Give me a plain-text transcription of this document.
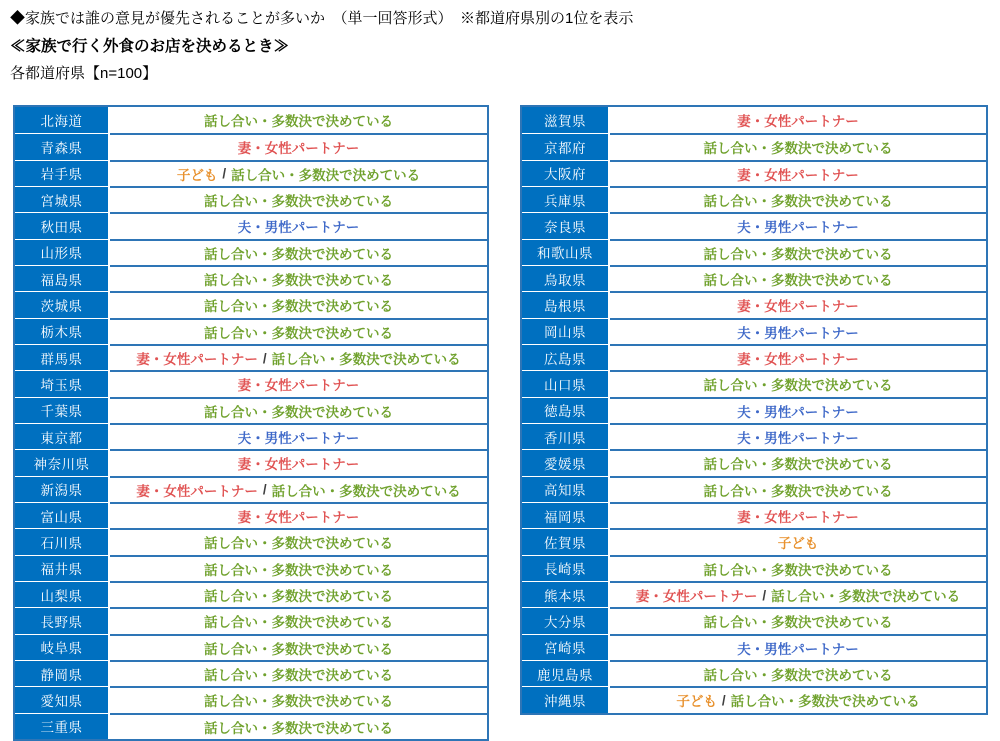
◆家族では誰の意見が優先されることが多いか　（単一回答形式）　※都道府県別の1位を表示
≪家族で行く外食のお店を決めるとき≫
各都道府県【n=100】
北海道	話し合い・多数決で決めている
青森県	妻・女性パートナー
岩手県	子ども / 話し合い・多数決で決めている
宮城県	話し合い・多数決で決めている
秋田県	夫・男性パートナー
山形県	話し合い・多数決で決めている
福島県	話し合い・多数決で決めている
茨城県	話し合い・多数決で決めている
栃木県	話し合い・多数決で決めている
群馬県	妻・女性パートナー / 話し合い・多数決で決めている
埼玉県	妻・女性パートナー
千葉県	話し合い・多数決で決めている
東京都	夫・男性パートナー
神奈川県	妻・女性パートナー
新潟県	妻・女性パートナー / 話し合い・多数決で決めている
富山県	妻・女性パートナー
石川県	話し合い・多数決で決めている
福井県	話し合い・多数決で決めている
山梨県	話し合い・多数決で決めている
長野県	話し合い・多数決で決めている
岐阜県	話し合い・多数決で決めている
静岡県	話し合い・多数決で決めている
愛知県	話し合い・多数決で決めている
三重県	話し合い・多数決で決めている
滋賀県	妻・女性パートナー
京都府	話し合い・多数決で決めている
大阪府	妻・女性パートナー
兵庫県	話し合い・多数決で決めている
奈良県	夫・男性パートナー
和歌山県	話し合い・多数決で決めている
鳥取県	話し合い・多数決で決めている
島根県	妻・女性パートナー
岡山県	夫・男性パートナー
広島県	妻・女性パートナー
山口県	話し合い・多数決で決めている
徳島県	夫・男性パートナー
香川県	夫・男性パートナー
愛媛県	話し合い・多数決で決めている
高知県	話し合い・多数決で決めている
福岡県	妻・女性パートナー
佐賀県	子ども
長崎県	話し合い・多数決で決めている
熊本県	妻・女性パートナー / 話し合い・多数決で決めている
大分県	話し合い・多数決で決めている
宮崎県	夫・男性パートナー
鹿児島県	話し合い・多数決で決めている
沖縄県	子ども / 話し合い・多数決で決めている
